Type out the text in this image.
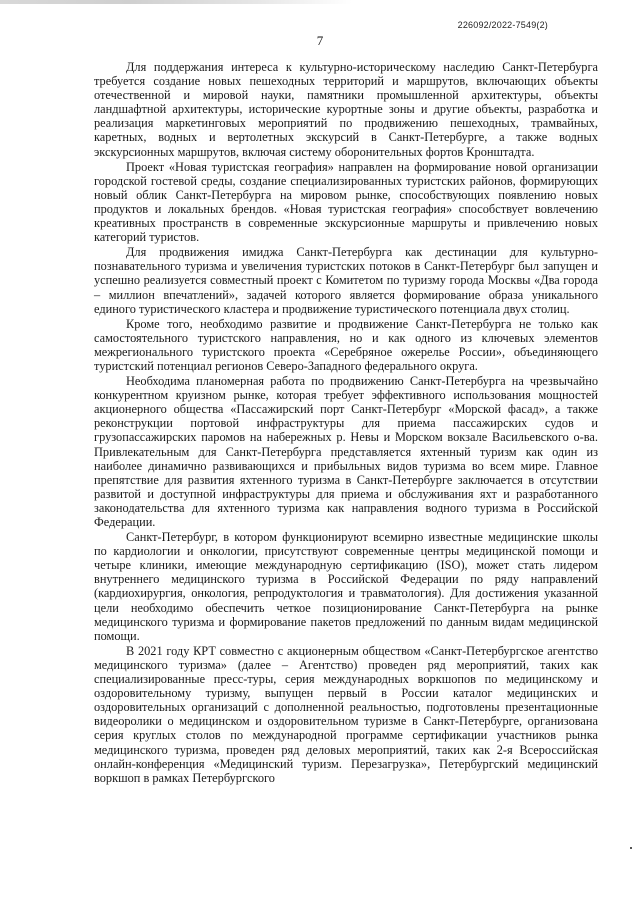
226092/2022-7549(2)
7

Для поддержания интереса к культурно-историческому наследию Санкт-Петербурга требуется создание новых пешеходных территорий и маршрутов, включающих объекты отечественной и мировой науки, памятники промышленной архитектуры, объекты ландшафтной архитектуры, исторические курортные зоны и другие объекты, разработка и реализация маркетинговых мероприятий по продвижению пешеходных, трамвайных, каретных, водных и вертолетных экскурсий в Санкт-Петербурге, а также водных экскурсионных маршрутов, включая систему оборонительных фортов Кронштадта.

Проект «Новая туристская география» направлен на формирование новой организации городской гостевой среды, создание специализированных туристских районов, формирующих новый облик Санкт-Петербурга на мировом рынке, способствующих появлению новых продуктов и локальных брендов. «Новая туристская география» способствует вовлечению креативных пространств в современные экскурсионные маршруты и привлечению новых категорий туристов.

Для продвижения имиджа Санкт-Петербурга как дестинации для культурно-познавательного туризма и увеличения туристских потоков в Санкт-Петербург был запущен и успешно реализуется совместный проект с Комитетом по туризму города Москвы «Два города – миллион впечатлений», задачей которого является формирование образа уникального единого туристического кластера и продвижение туристического потенциала двух столиц.

Кроме того, необходимо развитие и продвижение Санкт-Петербурга не только как самостоятельного туристского направления, но и как одного из ключевых элементов межрегионального туристского проекта «Серебряное ожерелье России», объединяющего туристский потенциал регионов Северо-Западного федерального округа.

Необходима планомерная работа по продвижению Санкт-Петербурга на чрезвычайно конкурентном круизном рынке, которая требует эффективного использования мощностей акционерного общества «Пассажирский порт Санкт-Петербург «Морской фасад», а также реконструкции портовой инфраструктуры для приема пассажирских судов и грузопассажирских паромов на набережных р. Невы и Морском вокзале Васильевского о-ва. Привлекательным для Санкт-Петербурга представляется яхтенный туризм как один из наиболее динамично развивающихся и прибыльных видов туризма во всем мире. Главное препятствие для развития яхтенного туризма в Санкт-Петербурге заключается в отсутствии развитой и доступной инфраструктуры для приема и обслуживания яхт и разработанного законодательства для яхтенного туризма как направления водного туризма в Российской Федерации.

Санкт-Петербург, в котором функционируют всемирно известные медицинские школы по кардиологии и онкологии, присутствуют современные центры медицинской помощи и четыре клиники, имеющие международную сертификацию (ISO), может стать лидером внутреннего медицинского туризма в Российской Федерации по ряду направлений (кардиохирургия, онкология, репродуктология и травматология). Для достижения указанной цели необходимо обеспечить четкое позиционирование Санкт-Петербурга на рынке медицинского туризма и формирование пакетов предложений по данным видам медицинской помощи.

В 2021 году КРТ совместно с акционерным обществом «Санкт-Петербургское агентство медицинского туризма» (далее – Агентство) проведен ряд мероприятий, таких как специализированные пресс-туры, серия международных воркшопов по медицинскому и оздоровительному туризму, выпущен первый в России каталог медицинских и оздоровительных организаций с дополненной реальностью, подготовлены презентационные видеоролики о медицинском и оздоровительном туризме в Санкт-Петербурге, организована серия круглых столов по международной программе сертификации участников рынка медицинского туризма, проведен ряд деловых мероприятий, таких как 2-я Всероссийская онлайн-конференция «Медицинский туризм. Перезагрузка», Петербургский медицинский воркшоп в рамках Петербургского
